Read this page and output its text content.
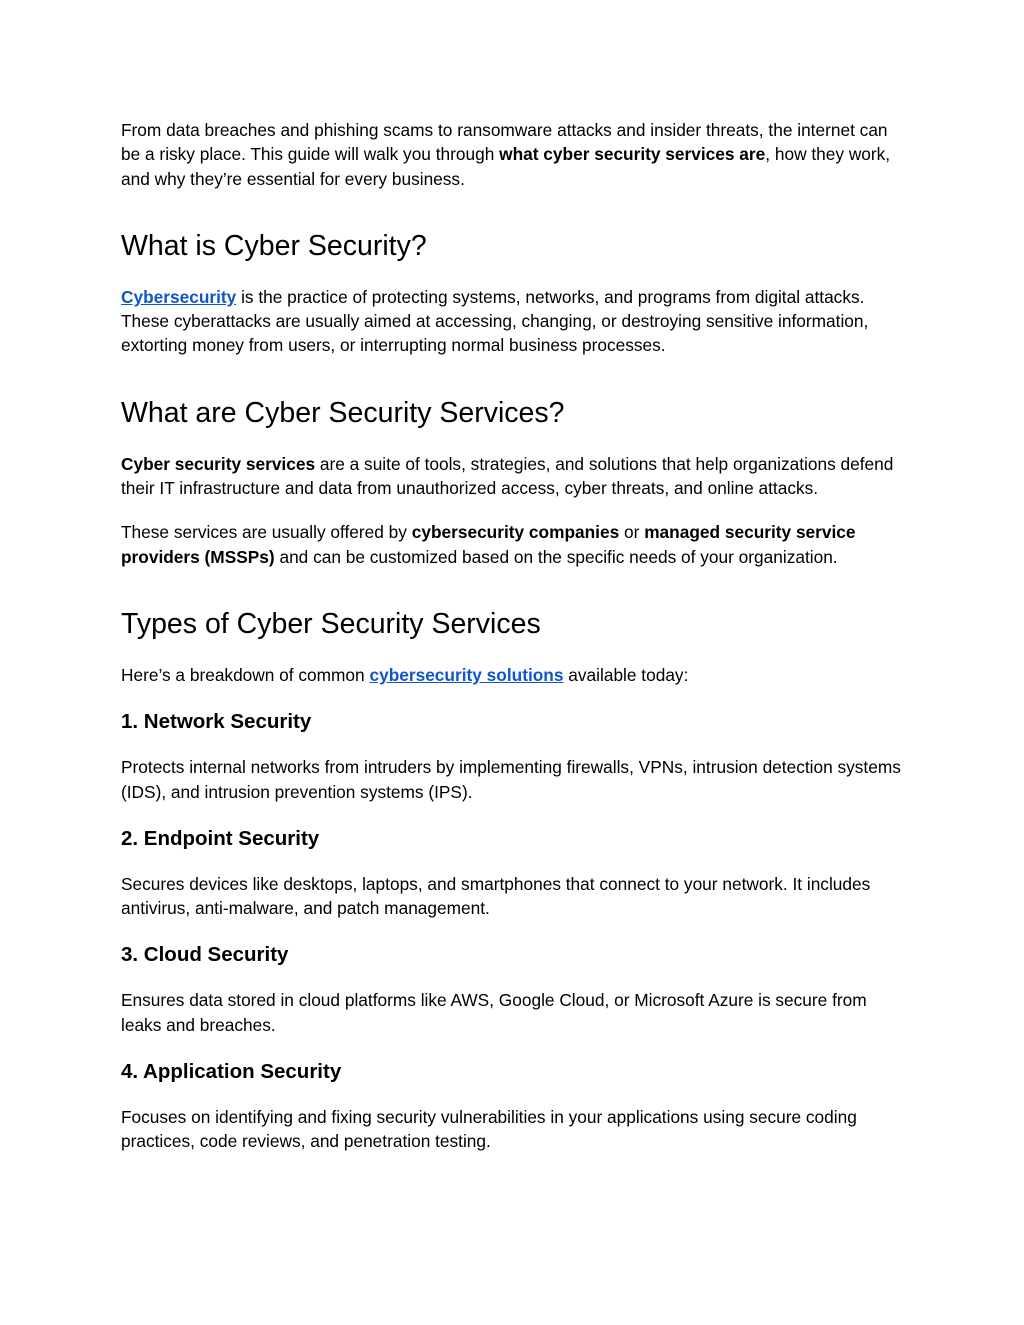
From data breaches and phishing scams to ransomware attacks and insider threats, the internet can be a risky place. This guide will walk you through what cyber security services are, how they work, and why they’re essential for every business.

What is Cyber Security?

Cybersecurity is the practice of protecting systems, networks, and programs from digital attacks. These cyberattacks are usually aimed at accessing, changing, or destroying sensitive information, extorting money from users, or interrupting normal business processes.

What are Cyber Security Services?

Cyber security services are a suite of tools, strategies, and solutions that help organizations defend their IT infrastructure and data from unauthorized access, cyber threats, and online attacks.

These services are usually offered by cybersecurity companies or managed security service providers (MSSPs) and can be customized based on the specific needs of your organization.

Types of Cyber Security Services

Here’s a breakdown of common cybersecurity solutions available today:

1. Network Security

Protects internal networks from intruders by implementing firewalls, VPNs, intrusion detection systems (IDS), and intrusion prevention systems (IPS).

2. Endpoint Security

Secures devices like desktops, laptops, and smartphones that connect to your network. It includes antivirus, anti-malware, and patch management.

3. Cloud Security

Ensures data stored in cloud platforms like AWS, Google Cloud, or Microsoft Azure is secure from leaks and breaches.

4. Application Security

Focuses on identifying and fixing security vulnerabilities in your applications using secure coding practices, code reviews, and penetration testing.
